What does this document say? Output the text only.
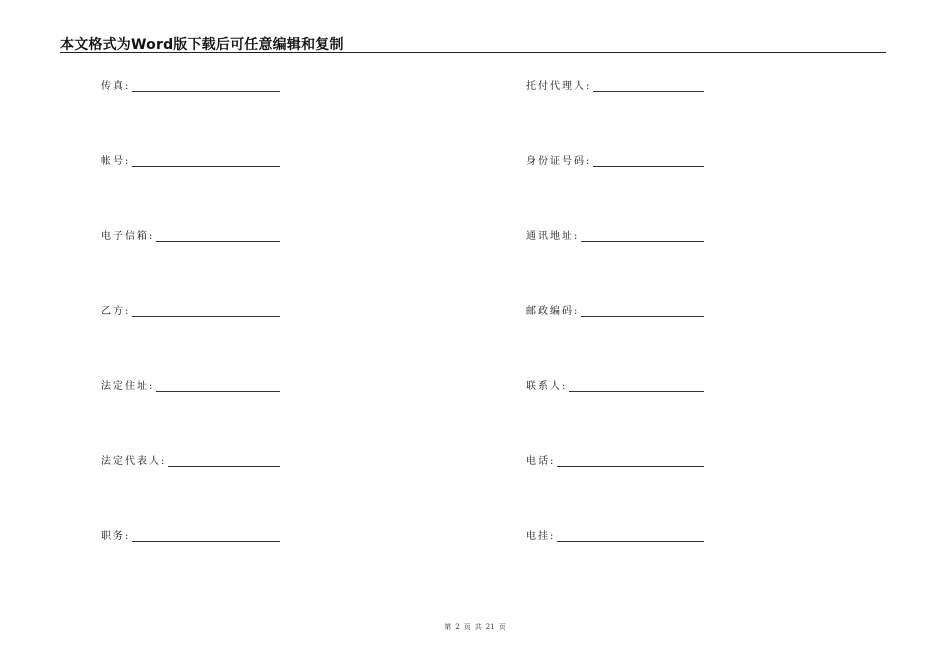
本文格式为Word版下载后可任意编辑和复制
传真:
帐号:
电子信箱:
乙方:
法定住址:
法定代表人:
职务:
托付代理人:
身份证号码:
通讯地址:
邮政编码:
联系人:
电话:
电挂:
第 2 页 共 21 页
